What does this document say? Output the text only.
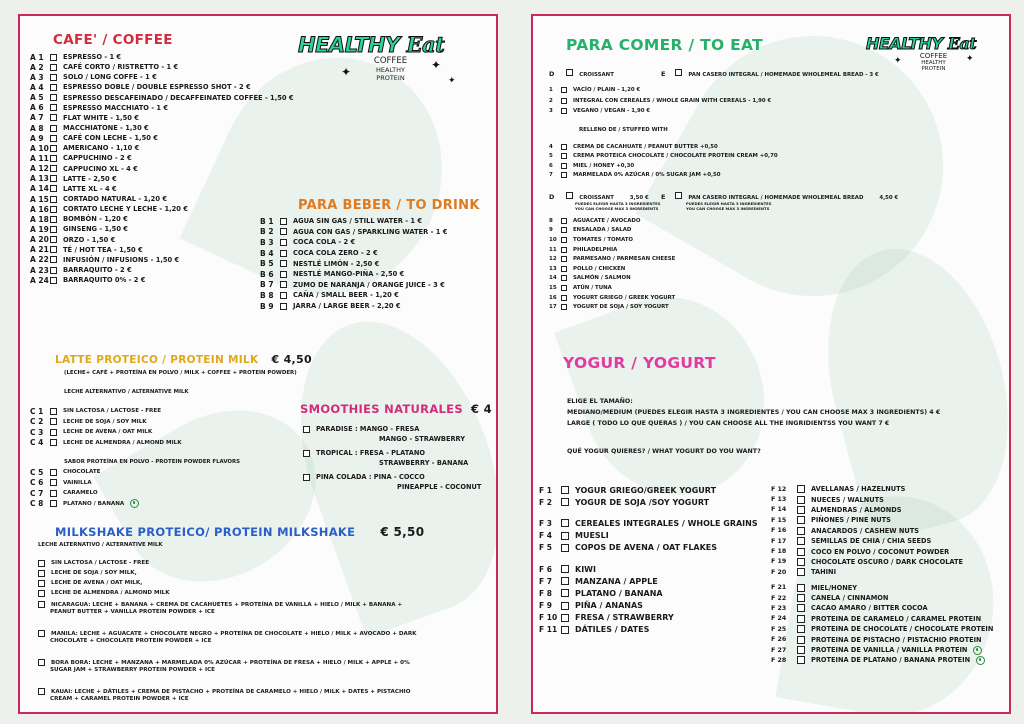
HEALTHY Eat
COFFEE
HEALTHY
PROTEIN
✦	✦
✦
CAFE' / COFFEE
A 1	ESPRESSO - 1 €
A 2	CAFÉ CORTO / RISTRETTO - 1 €
A 3	SOLO / LONG COFFE - 1 €
A 4	ESPRESSO DOBLE / DOUBLE ESPRESSO SHOT - 2 €
A 5	ESPRESSO DESCAFEINADO / DECAFFEINATED COFFEE - 1,50 €
A 6	ESPRESSO MACCHIATO - 1 €
A 7	FLAT WHITE - 1,50 €
A 8	MACCHIATONE - 1,30 €
A 9	CAFÉ CON LECHE - 1,50 €
A 10 AMERICANO - 1,10 €
A 11 CAPPUCHINO - 2 €
A 12 CAPPUCINO XL - 4 €
A 13 LATTE - 2,50 €
A 14 LATTE XL - 4 €
A 15 CORTADO NATURAL - 1,20 €
A 16 CORTATO LECHE Y LECHE - 1,20 €
A 18 BOMBÓN - 1,20 €
A 19 GINSENG - 1,50 €
A 20 ORZO - 1,50 €
A 21 TÉ / HOT TEA - 1,50 €
A 22 INFUSIÓN / INFUSIONS - 1,50 €
A 23 BARRAQUITO - 2 €
A 24 BARRAQUITO 0% - 2 €
PARA BEBER / TO DRINK
B 1	AGUA SIN GAS / STILL WATER - 1 €
B 2	AGUA CON GAS / SPARKLING WATER - 1 €
B 3	COCA COLA - 2 €
B 4	COCA COLA ZERO - 2 €
B 5	NESTLÉ LIMÓN - 2,50 €
B 6	NESTLÉ MANGO-PIÑA - 2,50 €
B 7	ZUMO DE NARANJA / ORANGE JUICE - 3 €
B 8	CAÑA / SMALL BEER - 1,20 €
B 9	JARRA / LARGE BEER - 2,20 €
LATTE PROTEICO / PROTEIN MILK € 4,50
(LECHE+ CAFÉ + PROTEÍNA EN POLVO / MILK + COFFEE + PROTEIN POWDER)
LECHE ALTERNATIVO / ALTERNATIVE MILK
C 1	SIN LACTOSA / LACTOSE - FREE
C 2	LECHE DE SOJA / SOY MILK
C 3	LECHE DE AVENA / OAT MILK
C 4	LECHE DE ALMENDRA / ALMOND MILK
SABOR PROTEÍNA EN POLVO - PROTEIN POWDER FLAVORS
C 5	CHOCOLATE
C 6	VAINILLA
C 7	CARAMELO
C 8	PLATANO / BANANA
SMOOTHIES NATURALES € 4
PARADISE : MANGO - FRESA
MANGO - STRAWBERRY
TROPICAL : FRESA - PLATANO
STRAWBERRY - BANANA
PINA COLADA : PINA - COCCO
PINEAPPLE - COCONUT
MILKSHAKE PROTEICO/ PROTEIN MILKSHAKE € 5,50
LECHE ALTERNATIVO / ALTERNATIVE MILK
SIN LACTOSA / LACTOSE - FREE
LECHE DE SOJA / SOY MILK,
LECHE DE AVENA / OAT MILK,
LECHE DE ALMENDRA / ALMOND MILK
NICARAGUA: LECHE + BANANA + CREMA DE CACAHUETES + PROTEÍNA DE VANILLA + HIELO / MILK + BANANA +
PEANUT BUTTER + VANILLA PROTEIN POWDER + ICE
MANILA: LECHE + AGUACATE + CHOCOLATE NEGRO + PROTEÍNA DE CHOCOLATE + HIELO / MILK + AVOCADO + DARK
CHOCOLATE + CHOCOLATE PROTEIN POWDER + ICE
BORA BORA: LECHE + MANZANA + MARMELADA 0% AZÚCAR + PROTEÍNA DE FRESA + HIELO / MILK + APPLE + 0%
SUGAR JAM + STRAWBERRY PROTEIN POWDER + ICE
KAUAI: LECHE + DÁTILES + CREMA DE PISTACHO + PROTEÍNA DE CARAMELO + HIELO / MILK + DATES + PISTACHIO
CREAM + CARAMEL PROTEIN POWDER + ICE
HEALTHY Eat
COFFEE
HEALTHY
PROTEIN
✦	✦
PARA COMER / TO EAT
D	CROISSANT	E	PAN CASERO INTEGRAL / HOMEMADE WHOLEMEAL BREAD - 3 €
1	VACÍO / PLAIN - 1,20 €
2	INTEGRAL CON CEREALES / WHOLE GRAIN WITH CEREALS - 1,90 €
3	VEGANO / VEGAN - 1,90 €
RELLENO DE / STUFFED WITH
4	CREMA DE CACAHUATE / PEANUT BUTTER +0,50
5	CREMA PROTEICA CHOCOLATE / CHOCOLATE PROTEIN CREAM +0,70
6	MIEL / HONEY +0,30
7	MARMELADA 0% AZÚCAR / 0% SUGAR JAM +0,50
D	CROISSANT	3,50 €
PUEDES ELEGIR HASTA 3 INGREDIENTES
YOU CAN CHOOSE MAX 3 INGREDIENTS
E	PAN CASERO INTEGRAL / HOMEMADE WHOLEMEAL BREAD	4,50 €
PUEDES ELEGIR HASTA 3 INGREDIENTES
YOU CAN CHOOSE MAX 3 INGREDIENTS
8	AGUACATE / AVOCADO
9	ENSALADA / SALAD
10	TOMATES / TOMATO
11	PHILADELPHIA
12	PARMESANO / PARMESAN CHEESE
13	POLLO / CHICKEN
14	SALMÓN / SALMON
15	ATÚN / TUNA
16	YOGURT GRIEGO / GREEK YOGURT
17	YOGURT DE SOJA / SOY YOGURT
YOGUR / YOGURT
ELIGE EL TAMAÑO:
MEDIANO/MEDIUM (PUEDES ELEGIR HASTA 3 INGREDIENTES / YOU CAN CHOOSE MAX 3 INGREDIENTS) 4 €
LARGE ( TODO LO QUE QUERAS ) / YOU CAN CHOOSE ALL THE INGRIDIENTSS YOU WANT 7 €
QUÉ YOGUR QUIERES? / WHAT YOGURT DO YOU WANT?
F 1	YOGUR GRIEGO/GREEK YOGURT
F 2	YOGUR DE SOJA /SOY YOGURT
F 3	CEREALES INTEGRALES / WHOLE GRAINS
F 4	MUESLI
F 5	COPOS DE AVENA / OAT FLAKES
F 6	KIWI
F 7	MANZANA / APPLE
F 8	PLATANO / BANANA
F 9	PIÑA / ANANAS
F 10	FRESA / STRAWBERRY
F 11	DÁTILES / DATES
F 12	AVELLANAS / HAZELNUTS
F 13	NUECES / WALNUTS
F 14	ALMENDRAS / ALMONDS
F 15	PIÑONES / PINE NUTS
F 16	ANACARDOS / CASHEW NUTS
F 17	SEMILLAS DE CHIA / CHIA SEEDS
F 18	COCO EN POLVO / COCONUT POWDER
F 19	CHOCOLATE OSCURO / DARK CHOCOLATE
F 20	TAHINI
F 21	MIEL/HONEY
F 22	CANELA / CINNAMON
F 23	CACAO AMARO / BITTER COCOA
F 24	PROTEINA DE CARAMELO / CARAMEL PROTEIN
F 25	PROTEINA DE CHOCOLATE / CHOCOLATE PROTEIN
F 26	PROTEINA DE PISTACHO / PISTACHIO PROTEIN
F 27	PROTEINA DE VANILLA / VANILLA PROTEIN
F 28	PROTEINA DE PLATANO / BANANA PROTEIN
